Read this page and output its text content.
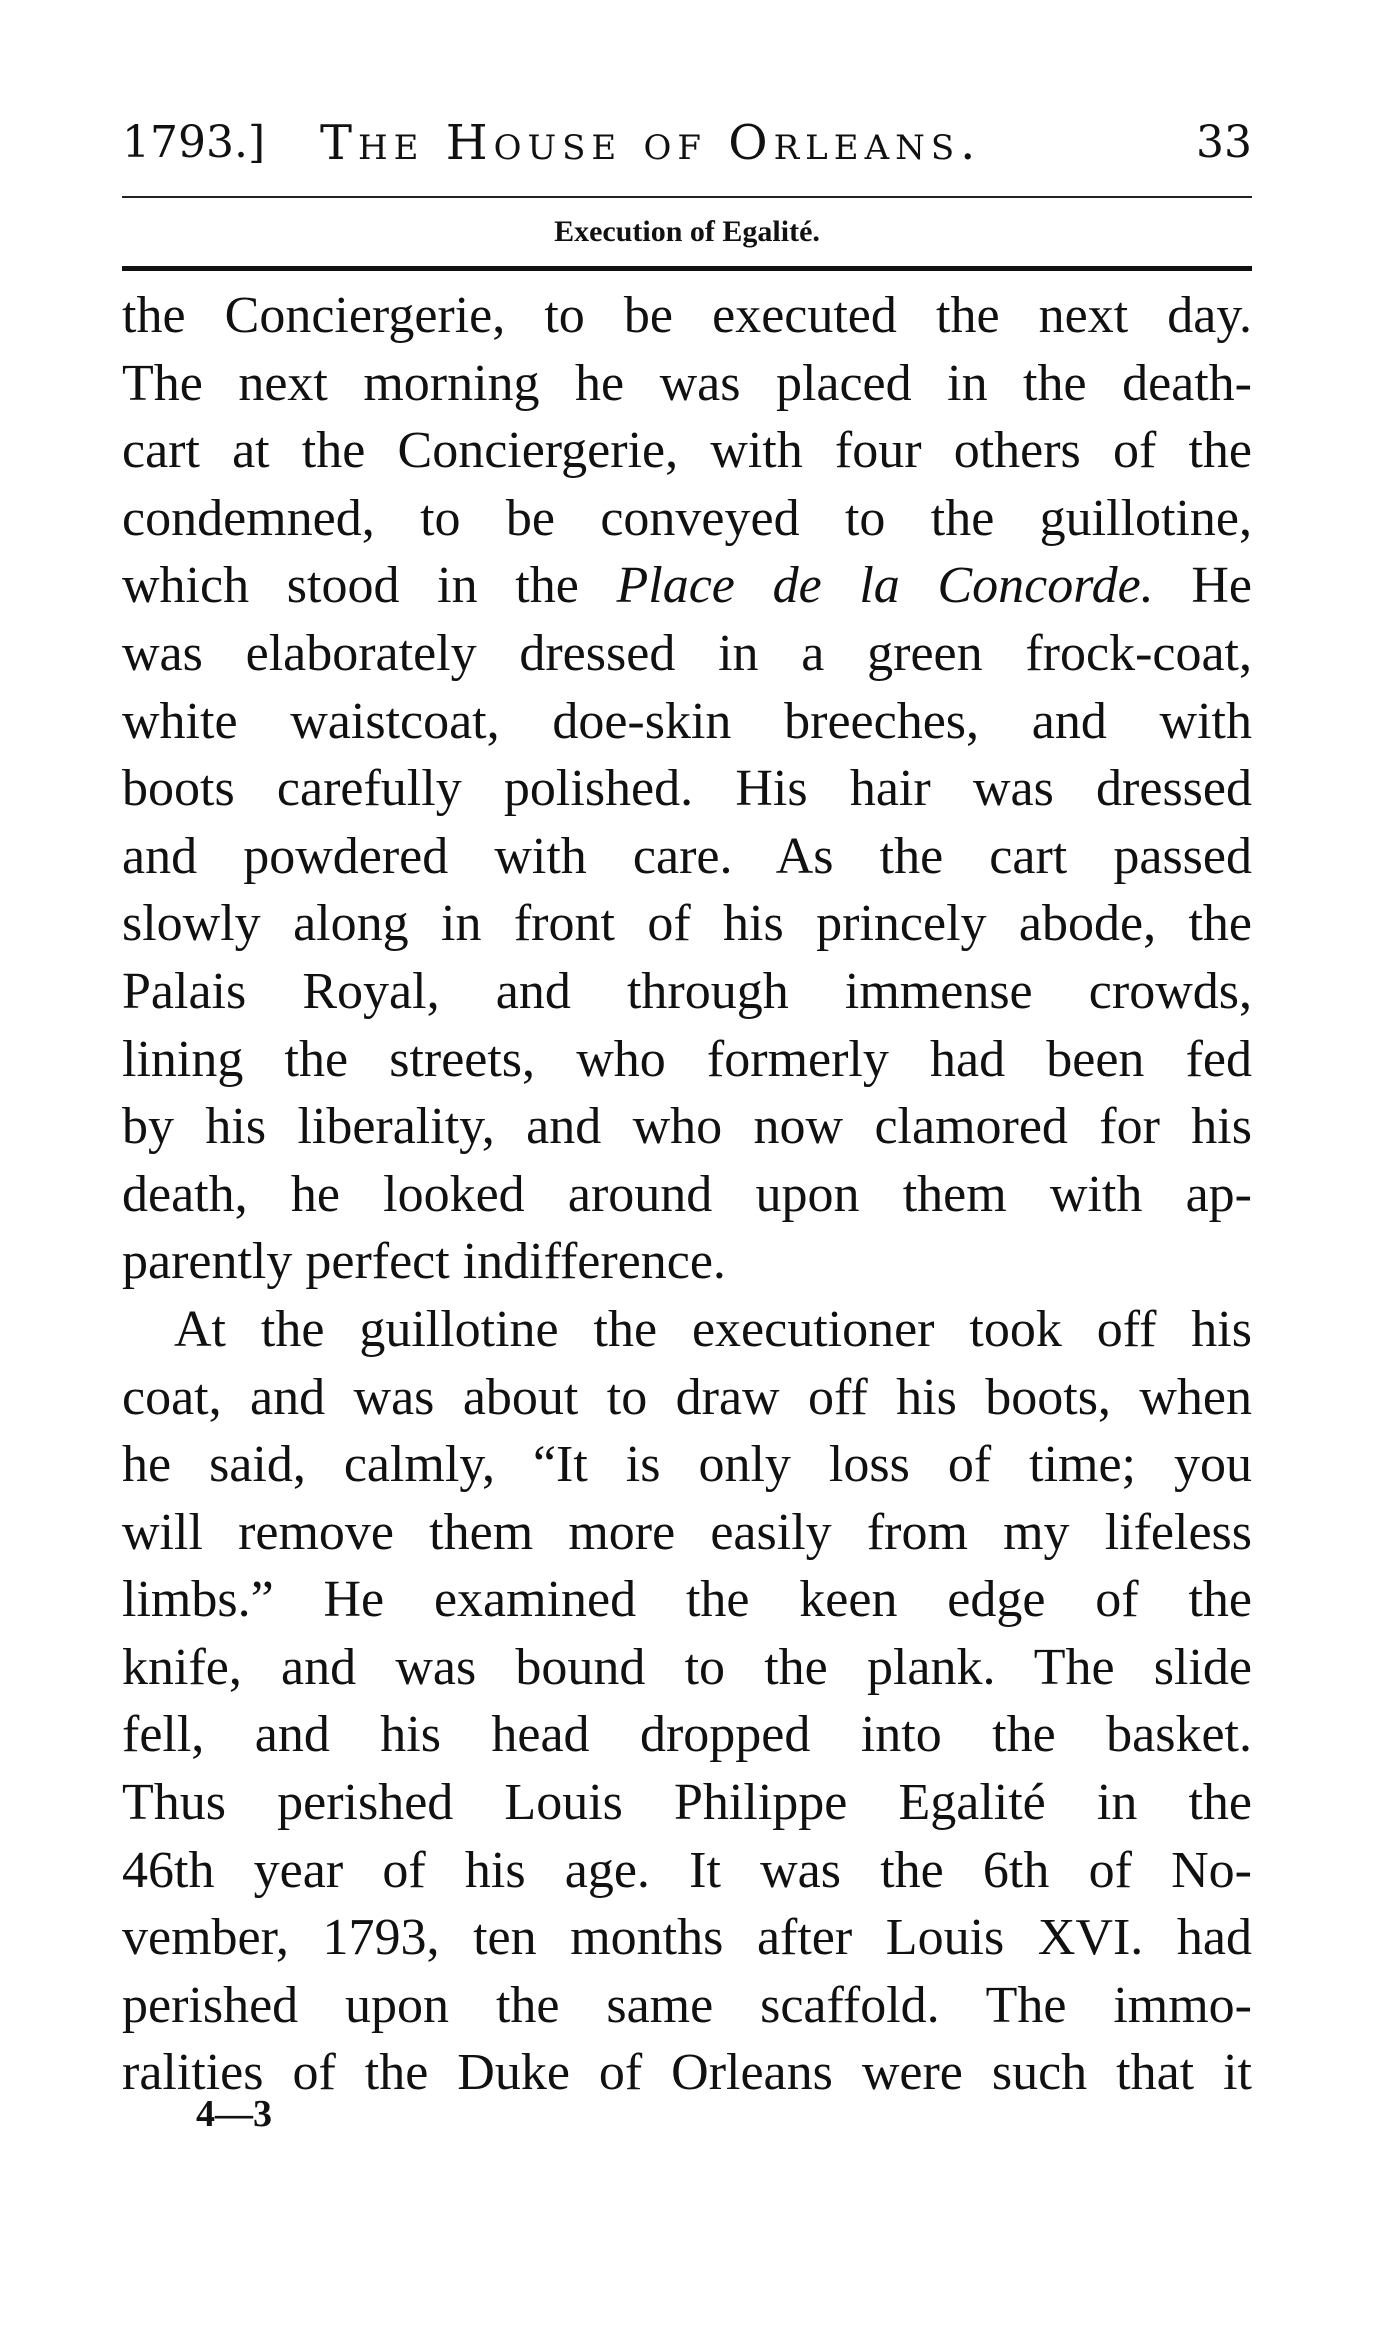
1793.] The House of Orleans.	33
Execution of Egalité.
the Conciergerie, to be executed the next day.
The next morning he was placed in the death-
cart at the Conciergerie, with four others of the
condemned, to be conveyed to the guillotine,
which stood in the Place de la Concorde. He
was elaborately dressed in a green frock-coat,
white waistcoat, doe-skin breeches, and with
boots carefully polished. His hair was dressed
and powdered with care. As the cart passed
slowly along in front of his princely abode, the
Palais Royal, and through immense crowds,
lining the streets, who formerly had been fed
by his liberality, and who now clamored for his
death, he looked around upon them with ap-
parently perfect indifference.
At the guillotine the executioner took off his
coat, and was about to draw off his boots, when
he said, calmly, “It is only loss of time; you
will remove them more easily from my lifeless
limbs.” He examined the keen edge of the
knife, and was bound to the plank. The slide
fell, and his head dropped into the basket.
Thus perished Louis Philippe Egalité in the
46th year of his age. It was the 6th of No-
vember, 1793, ten months after Louis XVI. had
perished upon the same scaffold. The immo-
ralities of the Duke of Orleans were such that it
4—3
